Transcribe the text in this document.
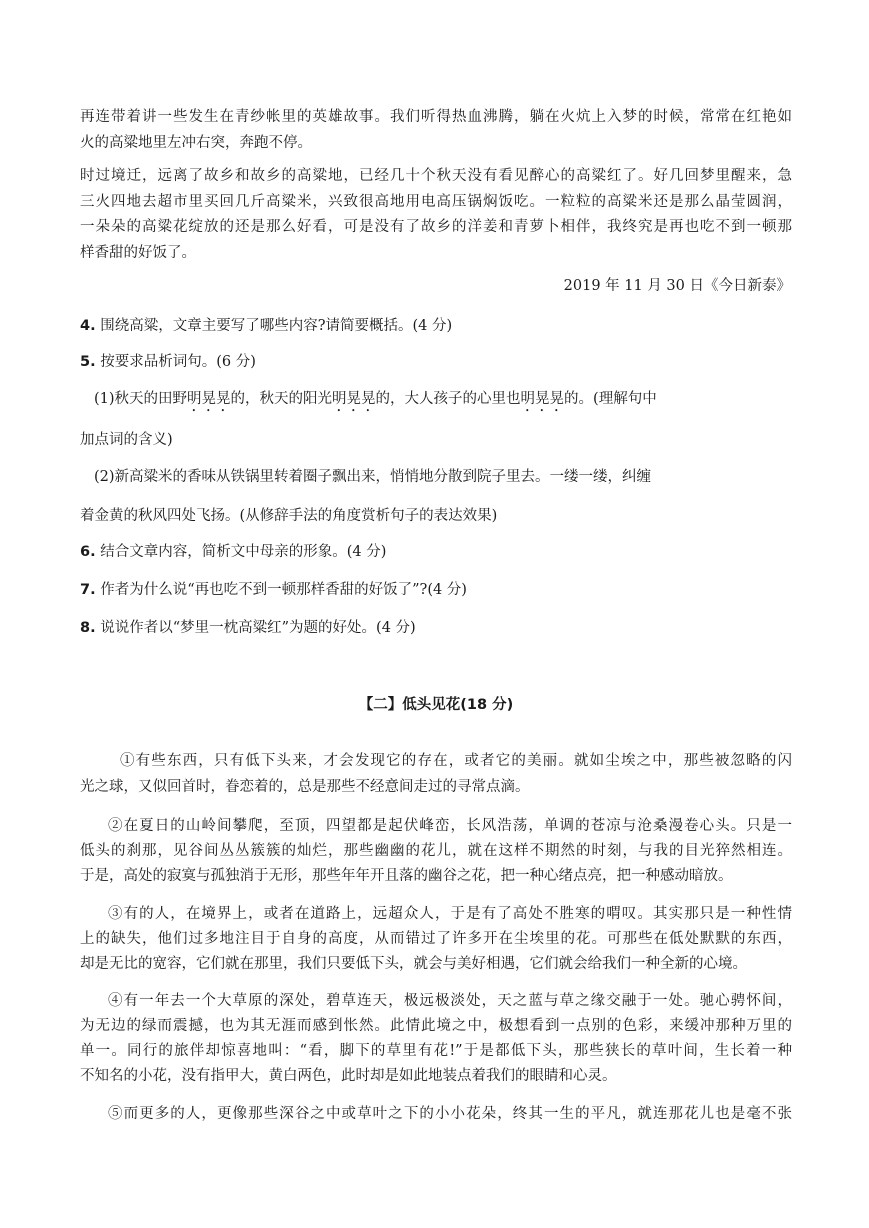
再连带着讲一些发生在青纱帐里的英雄故事。我们听得热血沸腾，躺在火炕上入梦的时候，常常在红艳如
火的高粱地里左冲右突，奔跑不停。
时过境迁，远离了故乡和故乡的高粱地，已经几十个秋天没有看见醉心的高粱红了。好几回梦里醒来，急
三火四地去超市里买回几斤高粱米，兴致很高地用电高压锅焖饭吃。一粒粒的高粱米还是那么晶莹圆润，
一朵朵的高粱花绽放的还是那么好看，可是没有了故乡的洋姜和青萝卜相伴，我终究是再也吃不到一顿那
样香甜的好饭了。
2019 年 11 月 30 日《今日新泰》
4. 围绕高粱，文章主要写了哪些内容?请简要概括。(4 分)
5. 按要求品析词句。(6 分)
(1)秋天的田野明晃晃的，秋天的阳光明晃晃的，大人孩子的心里也明晃晃的。(理解句中
加点词的含义)
(2)新高粱米的香味从铁锅里转着圈子飘出来，悄悄地分散到院子里去。一缕一缕，纠缠
着金黄的秋风四处飞扬。(从修辞手法的角度赏析句子的表达效果)
6. 结合文章内容，简析文中母亲的形象。(4 分)
7. 作者为什么说“再也吃不到一顿那样香甜的好饭了”?(4 分)
8. 说说作者以“梦里一枕高粱红”为题的好处。(4 分)
【二】低头见花(18 分)
①有些东西，只有低下头来，才会发现它的存在，或者它的美丽。就如尘埃之中，那些被忽略的闪
光之球，又似回首时，眷恋着的，总是那些不经意间走过的寻常点滴。
②在夏日的山岭间攀爬，至顶，四望都是起伏峰峦，长风浩荡，单调的苍凉与沧桑漫卷心头。只是一
低头的刹那，见谷间丛丛簇簇的灿烂，那些幽幽的花儿，就在这样不期然的时刻，与我的目光猝然相连。
于是，高处的寂寞与孤独消于无形，那些年年开且落的幽谷之花，把一种心绪点亮，把一种感动暗放。
③有的人，在境界上，或者在道路上，远超众人，于是有了高处不胜寒的喟叹。其实那只是一种性情
上的缺失，他们过多地注目于自身的高度，从而错过了许多开在尘埃里的花。可那些在低处默默的东西，
却是无比的宽容，它们就在那里，我们只要低下头，就会与美好相遇，它们就会给我们一种全新的心境。
④有一年去一个大草原的深处，碧草连天，极远极淡处，天之蓝与草之缘交融于一处。驰心骋怀间，
为无边的绿而震撼，也为其无涯而感到怅然。此情此境之中，极想看到一点别的色彩，来缓冲那种万里的
单一。同行的旅伴却惊喜地叫：“看，脚下的草里有花!”于是都低下头，那些狭长的草叶间，生长着一种
不知名的小花，没有指甲大，黄白两色，此时却是如此地装点着我们的眼睛和心灵。
⑤而更多的人，更像那些深谷之中或草叶之下的小小花朵，终其一生的平凡，就连那花儿也是毫不张
